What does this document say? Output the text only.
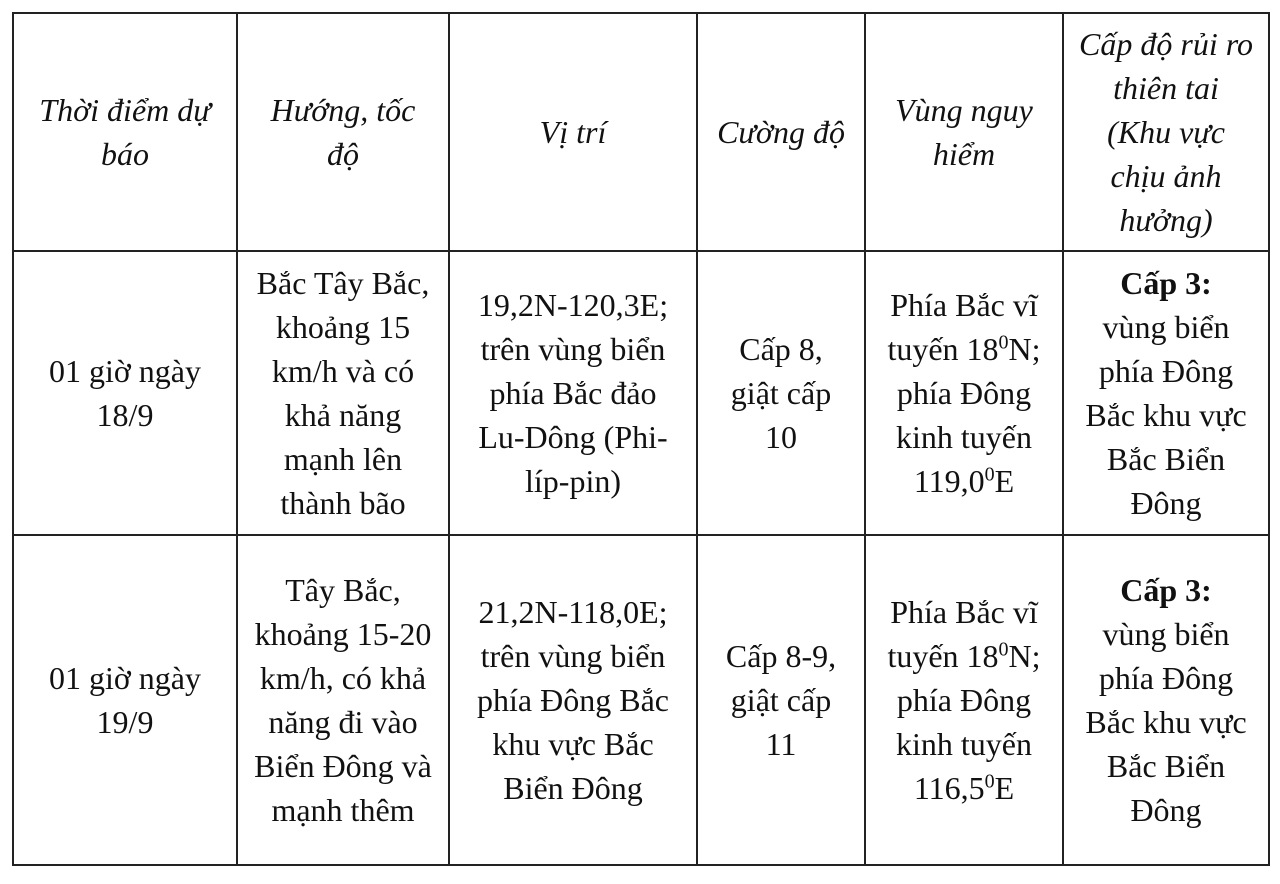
Thời điểm dự báo	Hướng, tốc độ	Vị trí	Cường độ	Vùng nguy hiểm	Cấp độ rủi ro thiên tai (Khu vực chịu ảnh hưởng)
01 giờ ngày 18/9	Bắc Tây Bắc, khoảng 15 km/h và có khả năng mạnh lên thành bão	19,2N-120,3E; trên vùng biển phía Bắc đảo Lu-Dông (Phi-líp-pin)	Cấp 8, giật cấp 10	Phía Bắc vĩ tuyến $18^0N$; phía Đông kinh tuyến 119,0$^0$E	Cấp 3:
vùng biển phía Đông Bắc khu vực Bắc Biển Đông

01 giờ ngày 19/9	Tây Bắc, khoảng 15-20 km/h, có khả năng đi vào Biển Đông và mạnh thêm	21,2N-118,0E; trên vùng biển phía Đông Bắc khu vực Bắc Biển Đông	Cấp 8-9, giật cấp 11	Phía Bắc vĩ tuyến $18^0N$; phía Đông kinh tuyến 116,5$^0$E	Cấp 3:
vùng biển phía Đông Bắc khu vực Bắc Biển Đông
